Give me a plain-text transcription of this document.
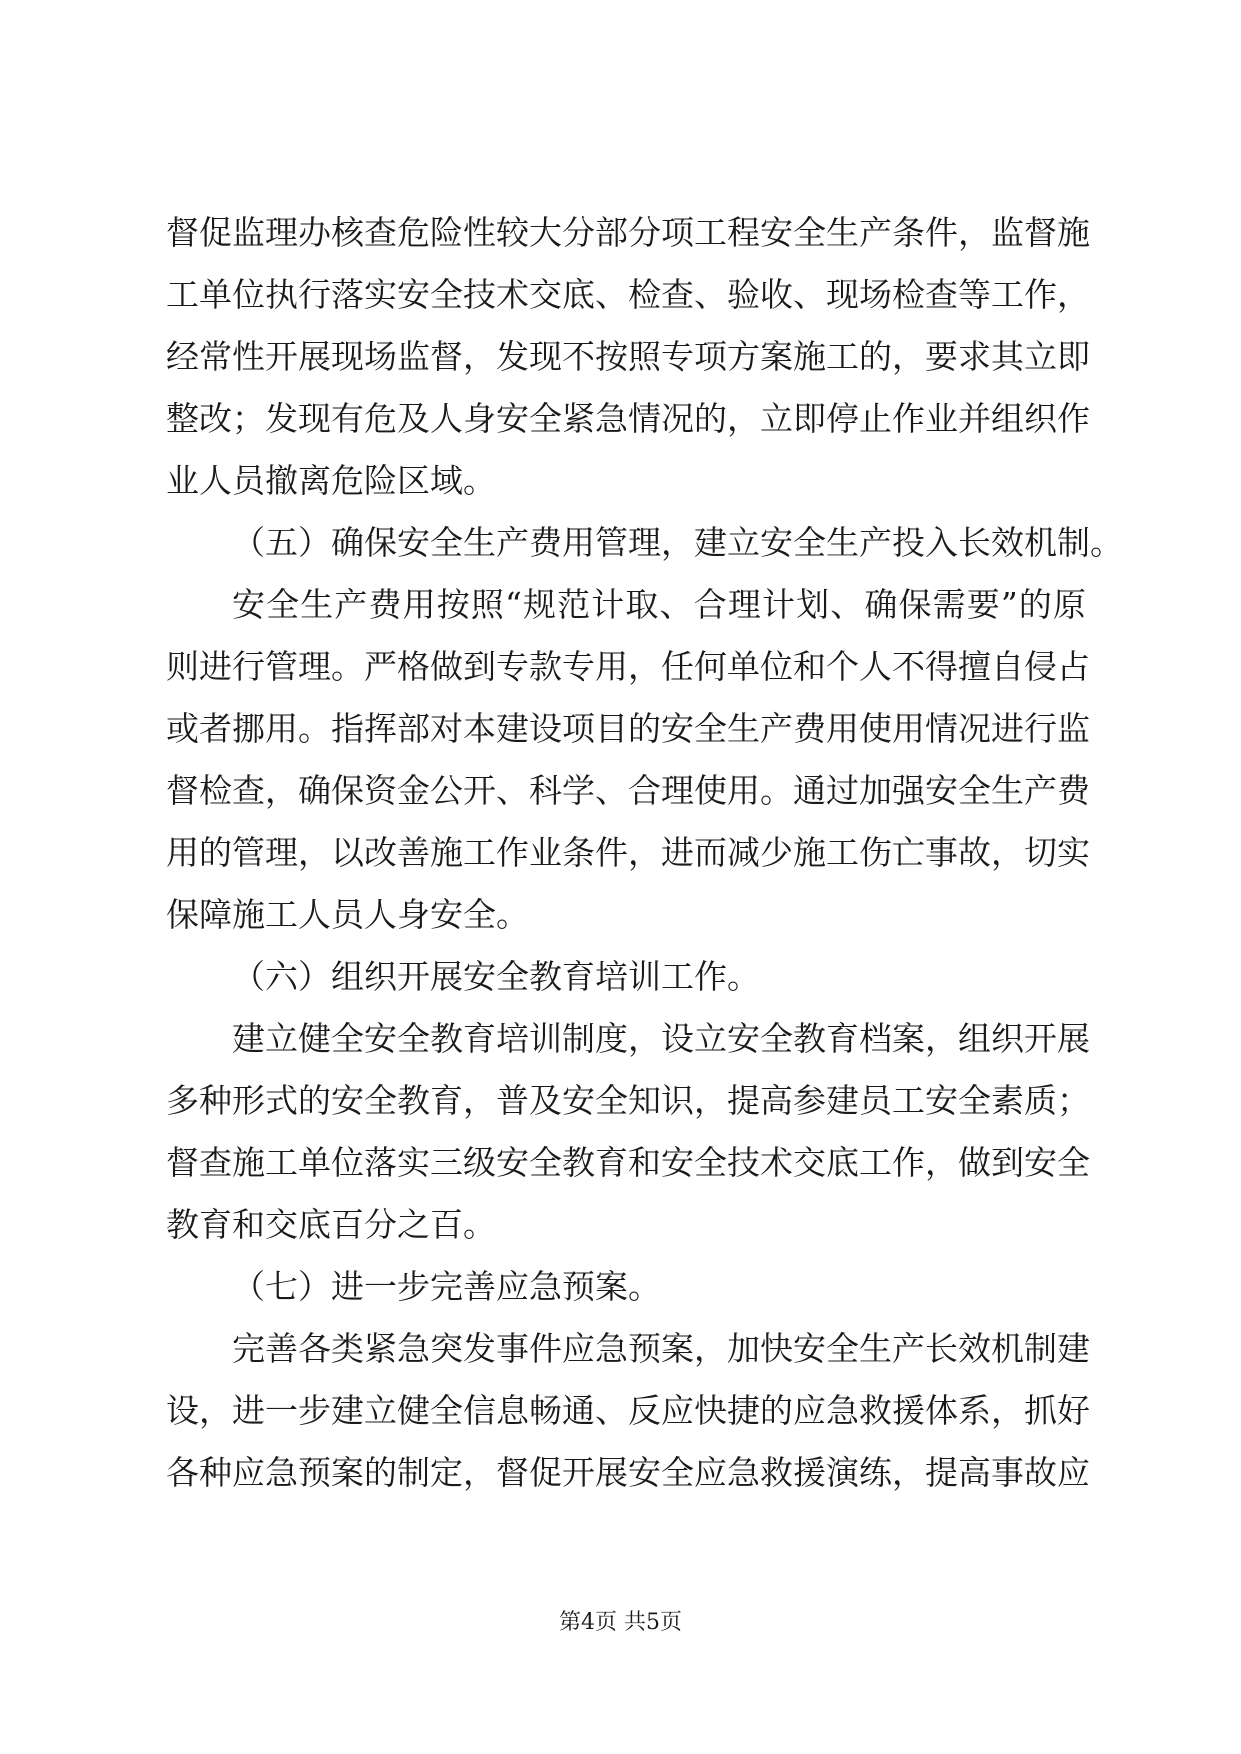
督促监理办核查危险性较大分部分项工程安全生产条件，监督施

工单位执行落实安全技术交底、检查、验收、现场检查等工作，

经常性开展现场监督，发现不按照专项方案施工的，要求其立即

整改；发现有危及人身安全紧急情况的，立即停止作业并组织作

业人员撤离危险区域。

（五）确保安全生产费用管理，建立安全生产投入长效机制。

安全生产费用按照“规范计取、合理计划、确保需要”的原

则进行管理。严格做到专款专用，任何单位和个人不得擅自侵占

或者挪用。指挥部对本建设项目的安全生产费用使用情况进行监

督检查，确保资金公开、科学、合理使用。通过加强安全生产费

用的管理，以改善施工作业条件，进而减少施工伤亡事故，切实

保障施工人员人身安全。

（六）组织开展安全教育培训工作。

建立健全安全教育培训制度，设立安全教育档案，组织开展

多种形式的安全教育，普及安全知识，提高参建员工安全素质；

督查施工单位落实三级安全教育和安全技术交底工作，做到安全

教育和交底百分之百。

（七）进一步完善应急预案。

完善各类紧急突发事件应急预案，加快安全生产长效机制建

设，进一步建立健全信息畅通、反应快捷的应急救援体系，抓好

各种应急预案的制定，督促开展安全应急救援演练，提高事故应

第4页 共5页
